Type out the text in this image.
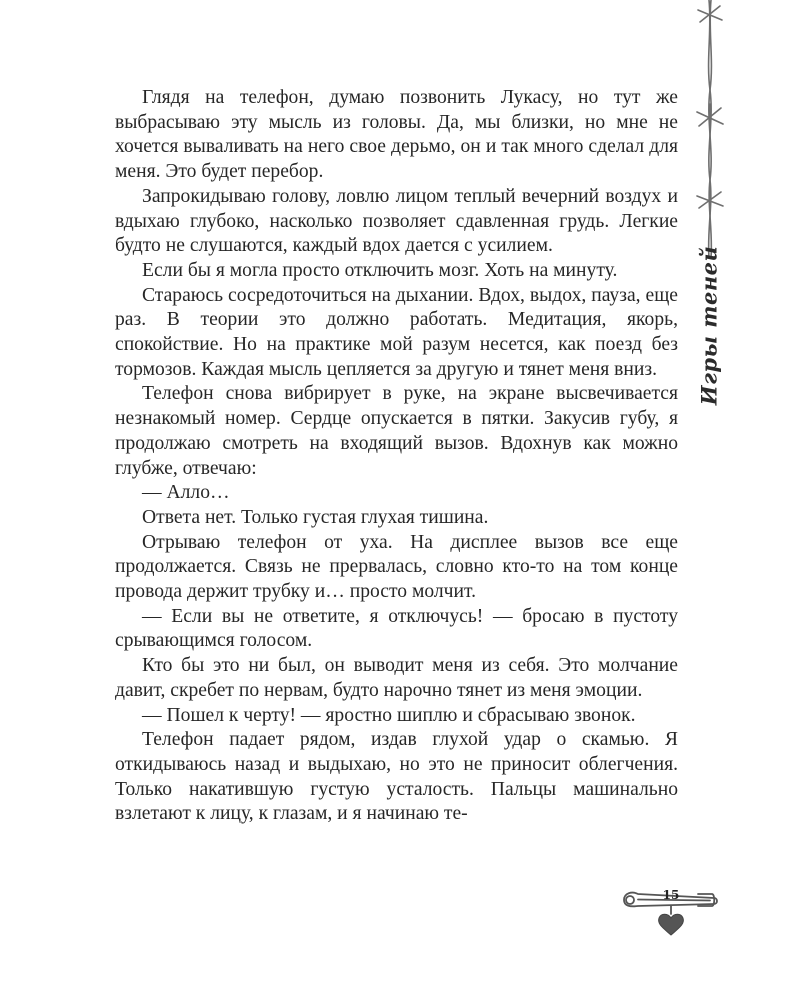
Игры теней

Глядя на телефон, думаю позвонить Лукасу, но тут же выбрасываю эту мысль из головы. Да, мы близки, но мне не хочется вываливать на него свое дерьмо, он и так много сделал для меня. Это будет перебор.

Запрокидываю голову, ловлю лицом теплый вечерний воздух и вдыхаю глубоко, насколько позволяет сдавленная грудь. Легкие будто не слушаются, каждый вдох дается с усилием.

Если бы я могла просто отключить мозг. Хоть на минуту.

Стараюсь сосредоточиться на дыхании. Вдох, выдох, пауза, еще раз. В теории это должно работать. Медитация, якорь, спокойствие. Но на практике мой разум несется, как поезд без тормозов. Каждая мысль цепляется за другую и тянет меня вниз.

Телефон снова вибрирует в руке, на экране высвечивается незнакомый номер. Сердце опускается в пятки. Закусив губу, я продолжаю смотреть на входящий вызов. Вдохнув как можно глубже, отвечаю:

— Алло…

Ответа нет. Только густая глухая тишина.

Отрываю телефон от уха. На дисплее вызов все еще продолжается. Связь не прервалась, словно кто-то на том конце провода держит трубку и… просто молчит.

— Если вы не ответите, я отключусь! — бросаю в пустоту срывающимся голосом.

Кто бы это ни был, он выводит меня из себя. Это молчание давит, скребет по нервам, будто нарочно тянет из меня эмоции.

— Пошел к черту! — яростно шиплю и сбрасываю звонок.

Телефон падает рядом, издав глухой удар о скамью. Я откидываюсь назад и выдыхаю, но это не приносит облегчения. Только накатившую густую усталость. Пальцы машинально взлетают к лицу, к глазам, и я начинаю те-

15
